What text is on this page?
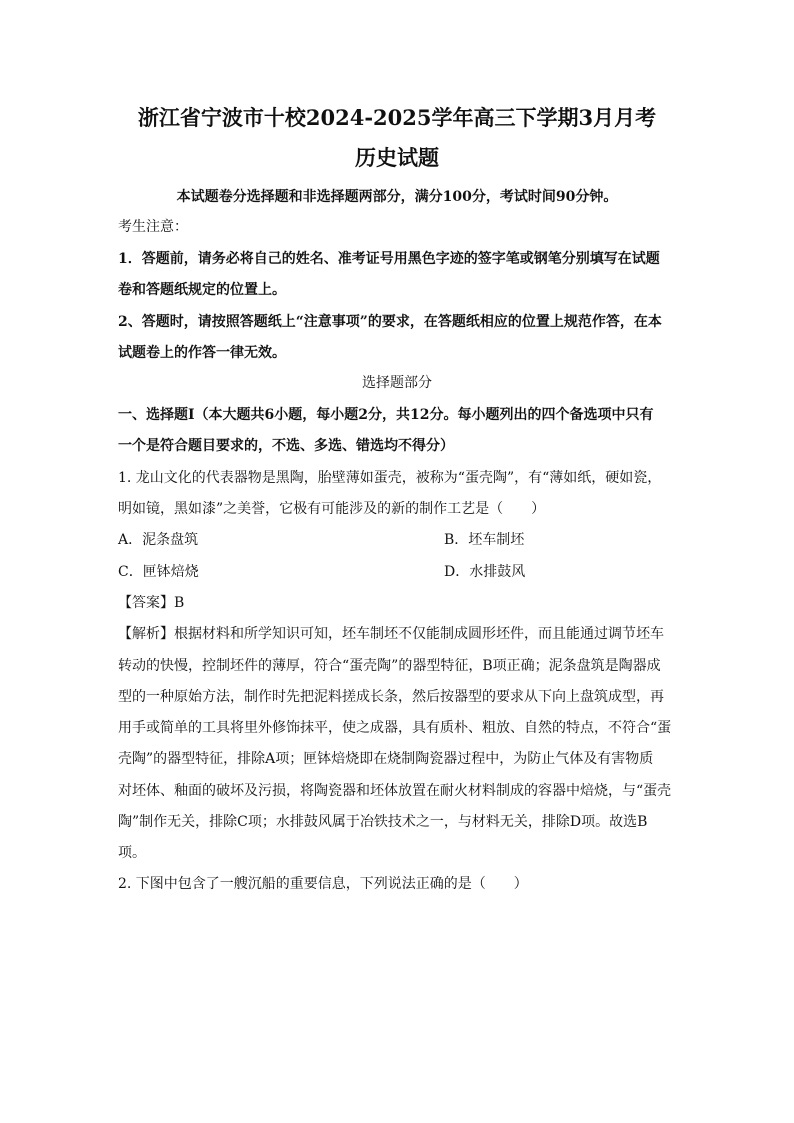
浙江省宁波市十校2024-2025学年高三下学期3月月考
历史试题
本试题卷分选择题和非选择题两部分，满分100分，考试时间90分钟。
考生注意：
1．答题前，请务必将自己的姓名、准考证号用黑色字迹的签字笔或钢笔分别填写在试题
卷和答题纸规定的位置上。
2、答题时，请按照答题纸上“注意事项”的要求，在答题纸相应的位置上规范作答，在本
试题卷上的作答一律无效。
选择题部分
一、选择题Ⅰ（本大题共6小题，每小题2分，共12分。每小题列出的四个备选项中只有
一个是符合题目要求的，不选、多选、错选均不得分）
1. 龙山文化的代表器物是黑陶，胎壁薄如蛋壳，被称为“蛋壳陶”，有“薄如纸，硬如瓷，
明如镜，黑如漆”之美誉，它极有可能涉及的新的制作工艺是（　　）
A．泥条盘筑	B．坯车制坯
C．匣钵焙烧	D．水排鼓风
【答案】B
【解析】根据材料和所学知识可知，坯车制坯不仅能制成圆形坯件，而且能通过调节坯车
转动的快慢，控制坯件的薄厚，符合“蛋壳陶”的器型特征，B项正确；泥条盘筑是陶器成
型的一种原始方法，制作时先把泥料搓成长条，然后按器型的要求从下向上盘筑成型，再
用手或简单的工具将里外修饰抹平，使之成器，具有质朴、粗放、自然的特点，不符合“蛋
壳陶”的器型特征，排除A项；匣钵焙烧即在烧制陶瓷器过程中，为防止气体及有害物质
对坯体、釉面的破坏及污损，将陶瓷器和坯体放置在耐火材料制成的容器中焙烧，与“蛋壳
陶”制作无关，排除C项；水排鼓风属于冶铁技术之一，与材料无关，排除D项。故选B
项。
2. 下图中包含了一艘沉船的重要信息，下列说法正确的是（　　）
